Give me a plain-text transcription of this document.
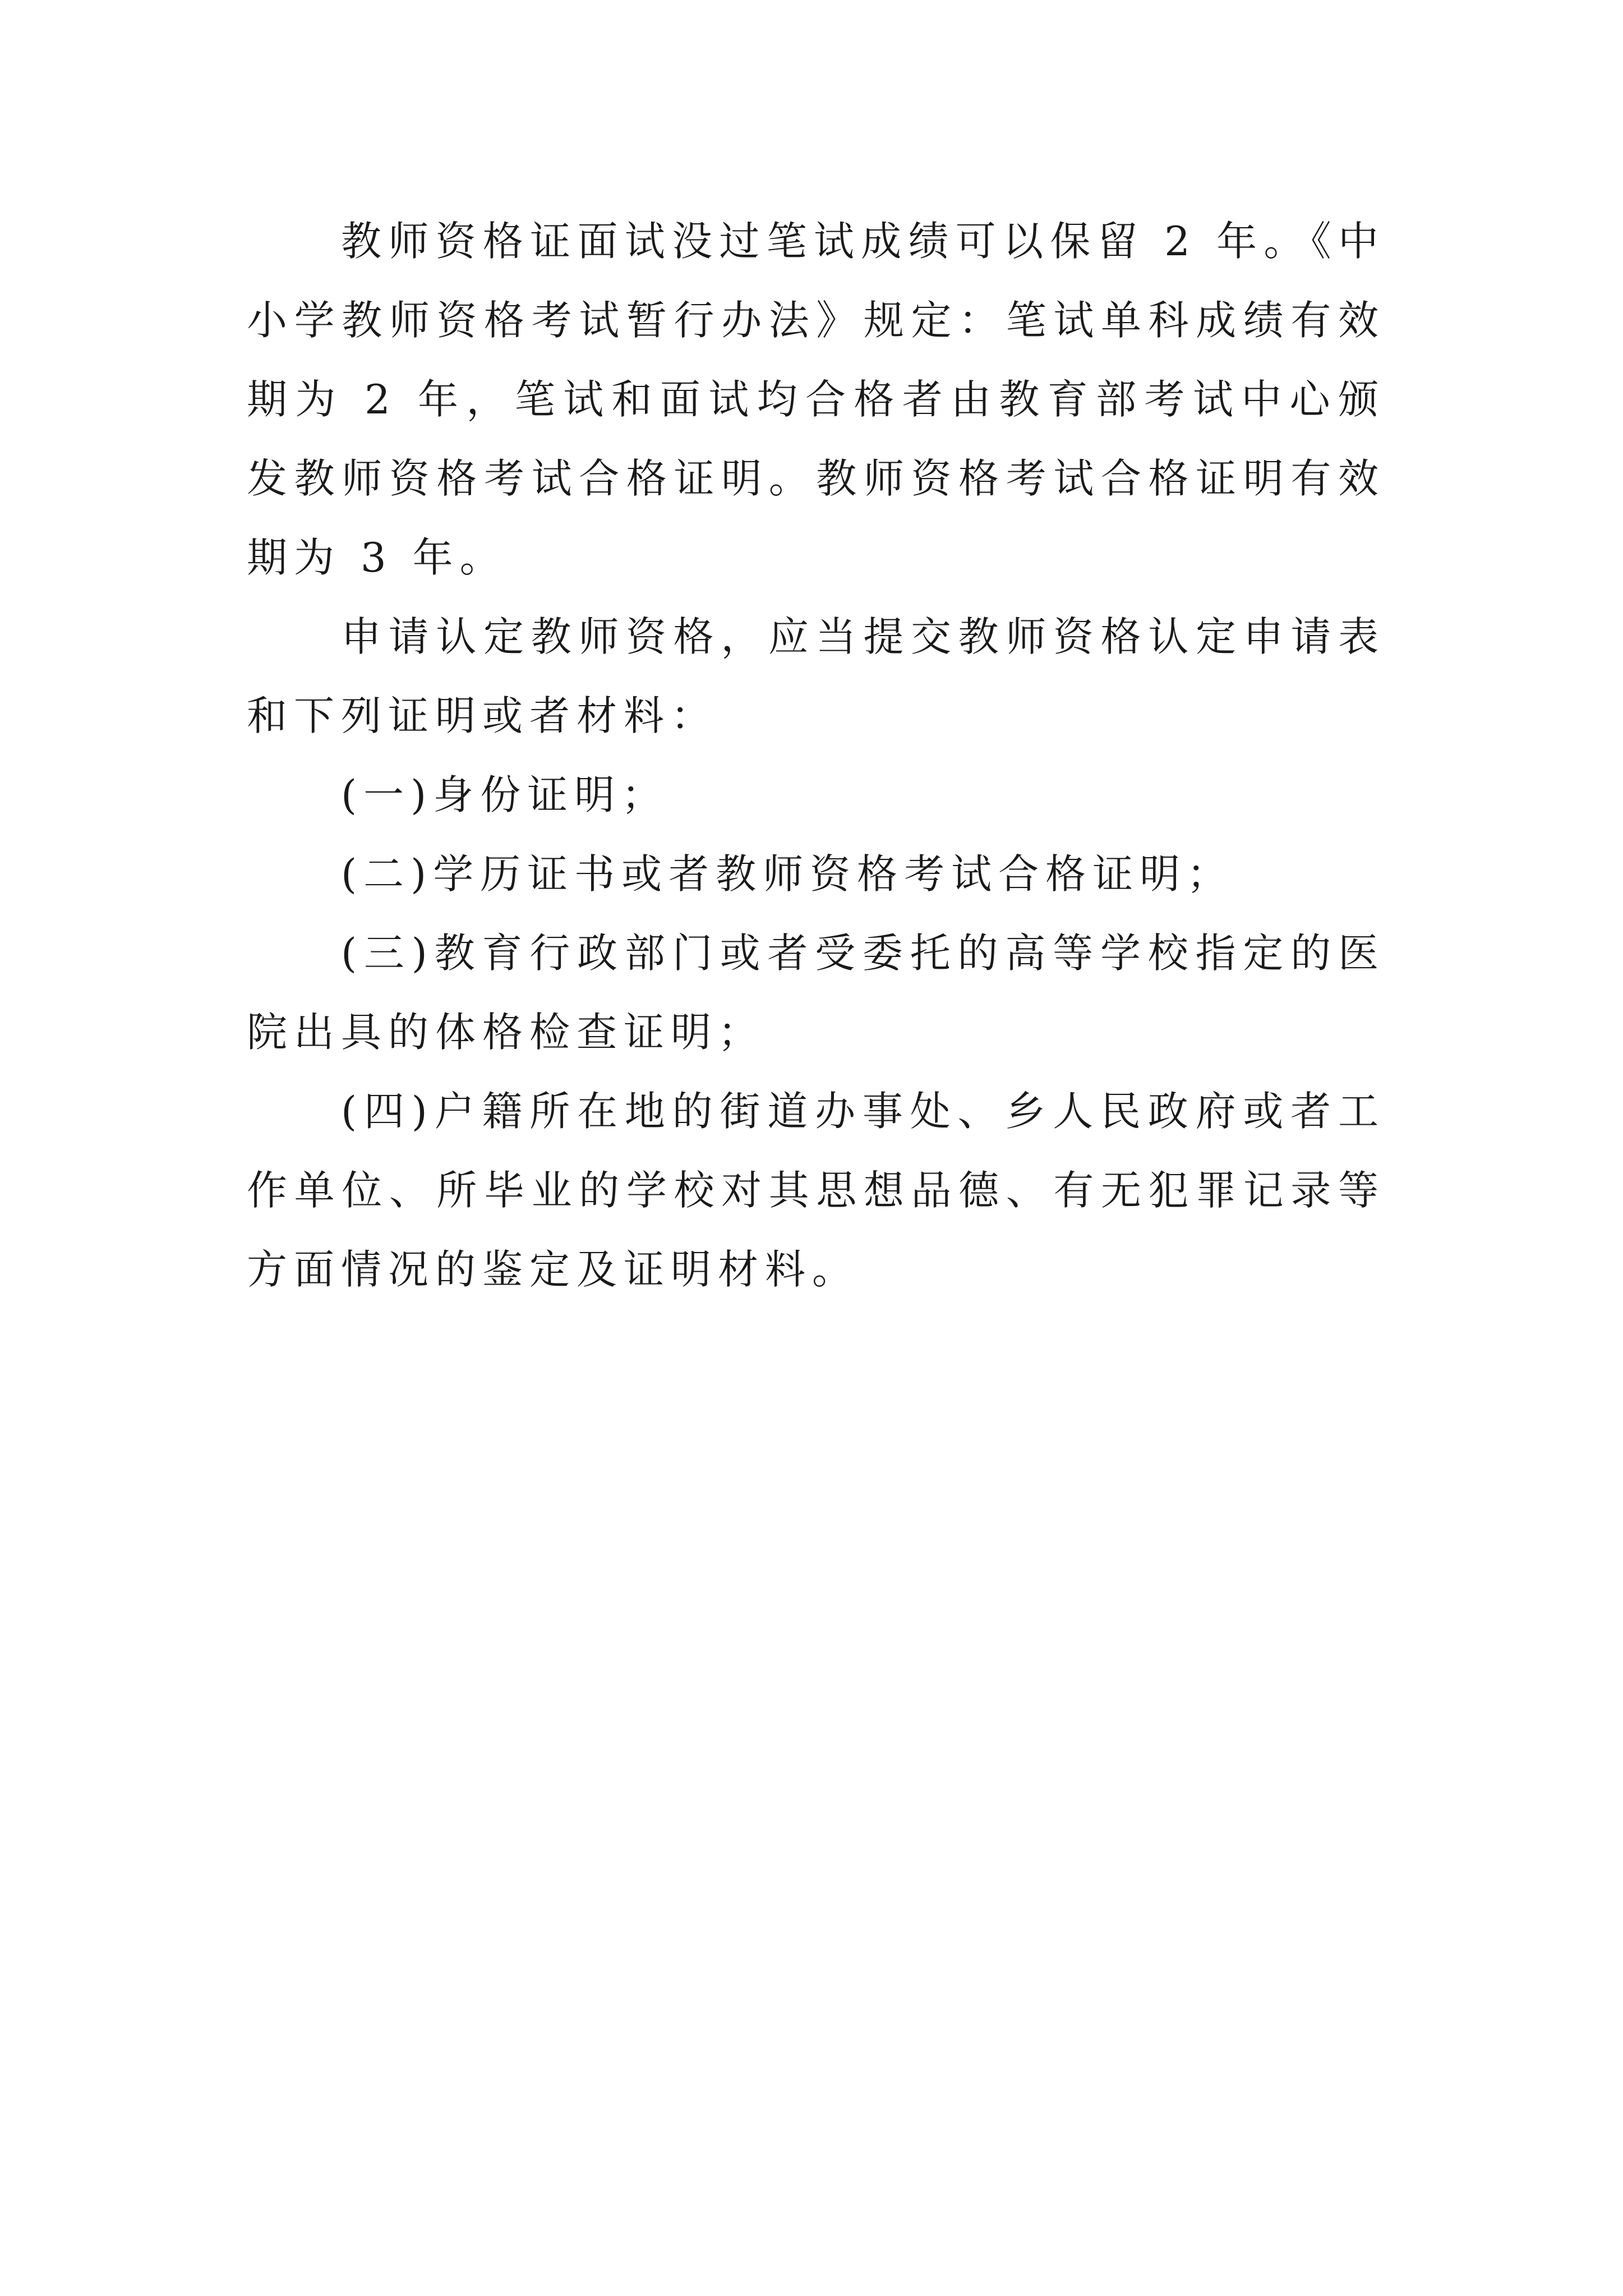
教师资格证面试没过笔试成绩可以保留 2 年。《中小学教师资格考试暂行办法》规定：笔试单科成绩有效期为 2 年，笔试和面试均合格者由教育部考试中心颁发教师资格考试合格证明。教师资格考试合格证明有效期为 3 年。

申请认定教师资格，应当提交教师资格认定申请表和下列证明或者材料：

(一)身份证明；

(二)学历证书或者教师资格考试合格证明；

(三)教育行政部门或者受委托的高等学校指定的医院出具的体格检查证明；

(四)户籍所在地的街道办事处、乡人民政府或者工作单位、所毕业的学校对其思想品德、有无犯罪记录等方面情况的鉴定及证明材料。
